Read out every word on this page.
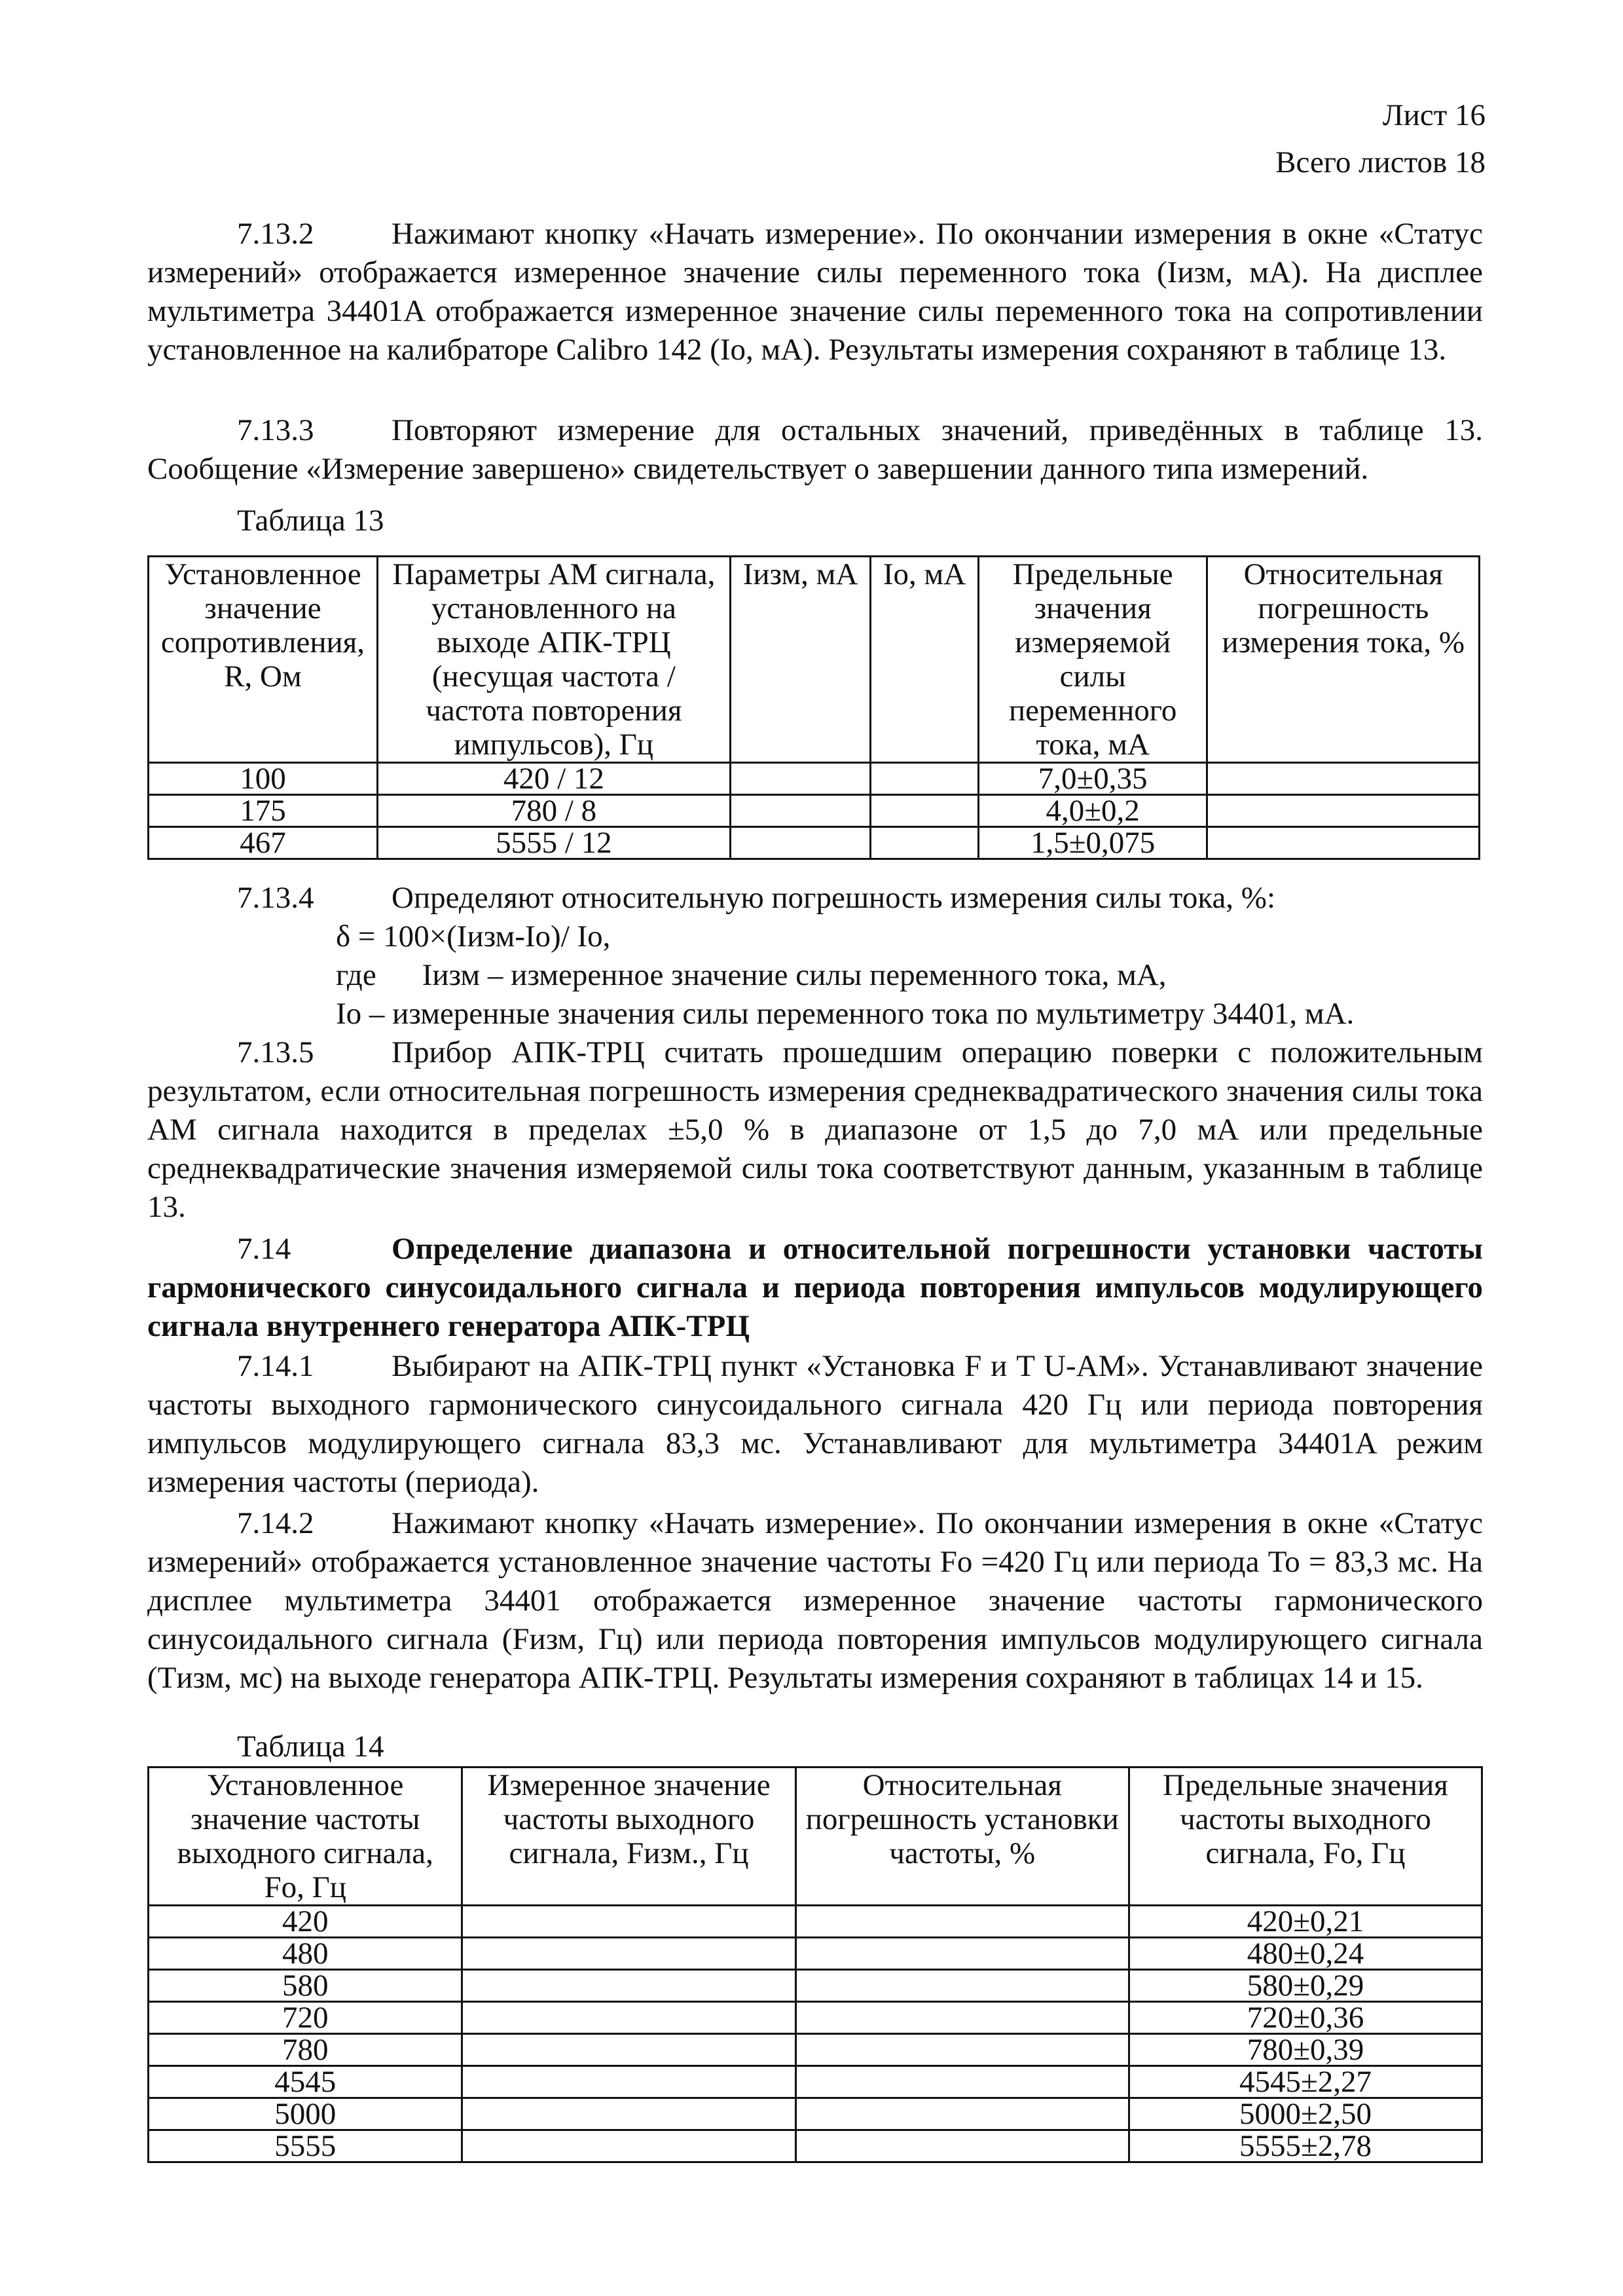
Лист 16
Всего листов 18

7.13.2	Нажимают кнопку «Начать измерение». По окончании измерения в окне «Статус измерений» отображается измеренное значение силы переменного тока (Iизм, мА). На дисплее мультиметра 34401A отображается измеренное значение силы переменного тока на сопротивлении установленное на калибраторе Calibro 142 (Io, мА). Результаты измерения сохраняют в таблице 13.

7.13.3	Повторяют измерение для остальных значений, приведённых в таблице 13. Сообщение «Измерение завершено» свидетельствует о завершении данного типа измерений.

Таблица 13
Установленное значение сопротивления, R, Ом	Параметры АМ сигнала, установленного на выходе АПК-ТРЦ (несущая частота / частота повторения импульсов), Гц	Iизм, мА	Io, мА	Предельные значения измеряемой силы переменного тока, мА	Относительная погрешность измерения тока, %
100	420 / 12			7,0±0,35	
175	780 / 8			4,0±0,2	
467	5555 / 12			1,5±0,075	

7.13.4	Определяют относительную погрешность измерения силы тока, %:

δ = 100×(Iизм-Io)/ Io,
где Iизм – измеренное значение силы переменного тока, мА,
Io – измеренные значения силы переменного тока по мультиметру 34401, мА.

7.13.5	Прибор АПК-ТРЦ считать прошедшим операцию поверки с положительным результатом, если относительная погрешность измерения среднеквадратического значения силы тока АМ сигнала находится в пределах ±5,0 % в диапазоне от 1,5 до 7,0 мА или предельные среднеквадратические значения измеряемой силы тока соответствуют данным, указанным в таблице 13.

7.14	Определение диапазона и относительной погрешности установки частоты гармонического синусоидального сигнала и периода повторения импульсов модулирующего сигнала внутреннего генератора АПК-ТРЦ

7.14.1	Выбирают на АПК-ТРЦ пункт «Установка F и T U-AM». Устанавливают значение частоты выходного гармонического синусоидального сигнала 420 Гц или периода повторения импульсов модулирующего сигнала 83,3 мс. Устанавливают для мультиметра 34401A режим измерения частоты (периода).

7.14.2	Нажимают кнопку «Начать измерение». По окончании измерения в окне «Статус измерений» отображается установленное значение частоты Fo =420 Гц или периода To = 83,3 мс. На дисплее мультиметра 34401 отображается измеренное значение частоты гармонического синусоидального сигнала (Fизм, Гц) или периода повторения импульсов модулирующего сигнала (Tизм, мс) на выходе генератора АПК-ТРЦ. Результаты измерения сохраняют в таблицах 14 и 15.

Таблица 14
Установленное значение частоты выходного сигнала, Fo, Гц	Измеренное значение частоты выходного сигнала, Fизм., Гц	Относительная погрешность установки частоты, %	Предельные значения частоты выходного сигнала, Fo, Гц
420			420±0,21
480			480±0,24
580			580±0,29
720			720±0,36
780			780±0,39
4545			4545±2,27
5000			5000±2,50
5555			5555±2,78
